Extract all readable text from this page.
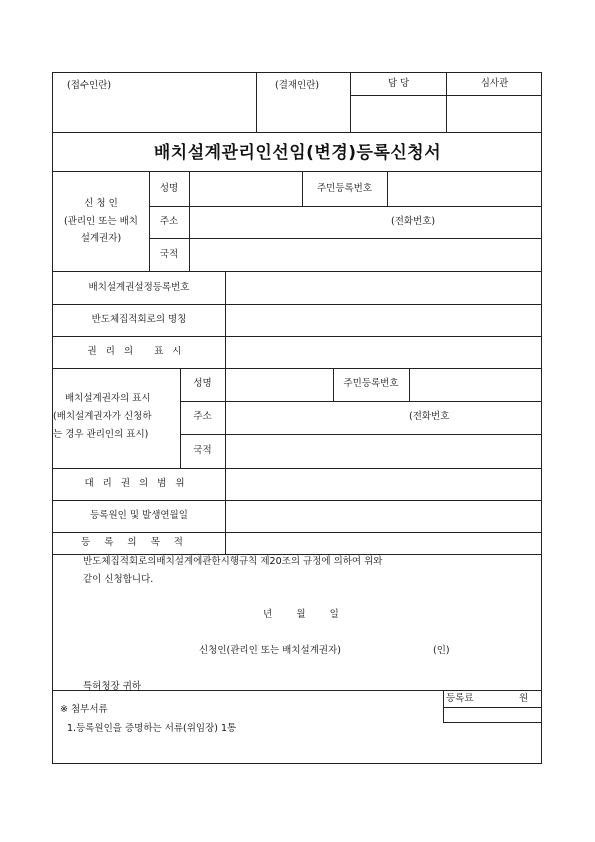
(접수인란)	(결재인란)	담 당	심사관
배치설계관리인선임(변경)등록신청서
신 청 인
(관리인 또는 배치
설계권자)
성명	주민등록번호
주소	(전화번호)
국적
배치설계권설정등록번호
반도체집적회로의 명칭
권리의 표시
배치설계권자의 표시
(배치설계권자가 신청하
는 경우 관리인의 표시)
성명	주민등록번호
주소	(전화번호
국적
대리권의범위
등록원인 및 발생연월일
등록의목적
반도체집적회로의배치설계에관한시행규칙 제20조의 규정에 의하여 위와
같이 신청합니다.
년        월        일
신청인(관리인 또는 배치설계권자)	(인)
특허청장 귀하
※ 첨부서류
1.등록원인을 증명하는 서류(위임장) 1통
등록료	원
